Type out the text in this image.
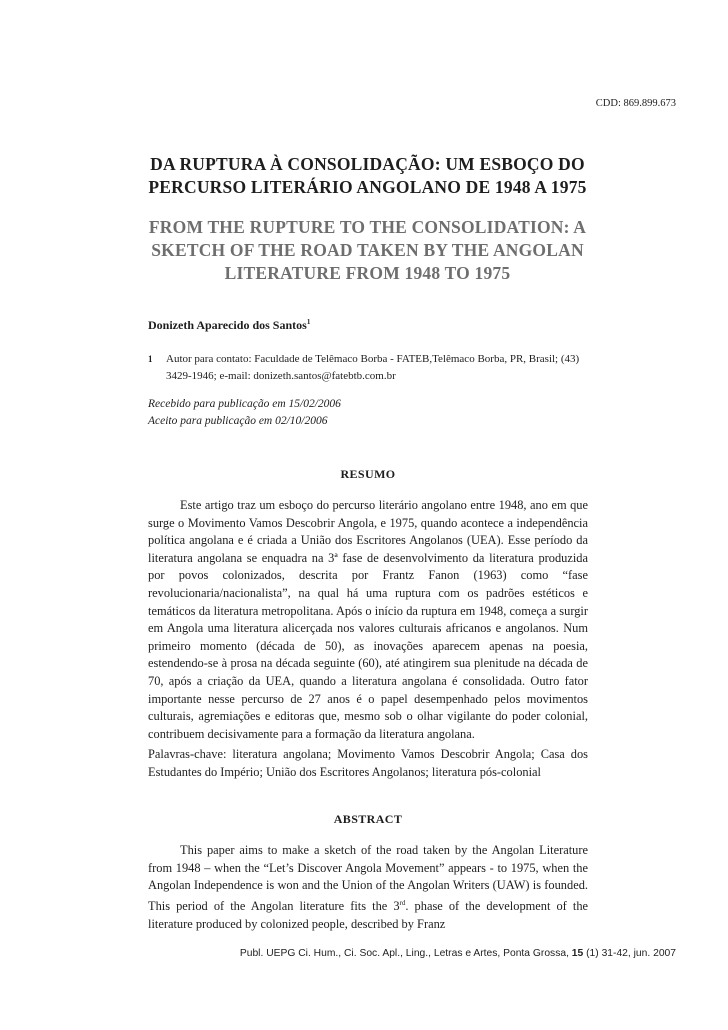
CDD: 869.899.673
DA RUPTURA À CONSOLIDAÇÃO: UM ESBOÇO DO PERCURSO LITERÁRIO ANGOLANO DE 1948 A 1975
FROM THE RUPTURE TO THE CONSOLIDATION: A SKETCH OF THE ROAD TAKEN BY THE ANGOLAN LITERATURE FROM 1948 TO 1975
Donizeth Aparecido dos Santos$^1$
1	Autor para contato: Faculdade de Telêmaco Borba - FATEB,Telêmaco Borba, PR, Brasil; (43) 3429-1946; e-mail: donizeth.santos@fatebtb.com.br
Recebido para publicação em 15/02/2006
Aceito para publicação em 02/10/2006
RESUMO
Este artigo traz um esboço do percurso literário angolano entre 1948, ano em que surge o Movimento Vamos Descobrir Angola, e 1975, quando acontece a independência política angolana e é criada a União dos Escritores Angolanos (UEA). Esse período da literatura angolana se enquadra na 3ª fase de desenvolvimento da literatura produzida por povos colonizados, descrita por Frantz Fanon (1963) como “fase revolucionaria/nacionalista”, na qual há uma ruptura com os padrões estéticos e temáticos da literatura metropolitana. Após o início da ruptura em 1948, começa a surgir em Angola uma literatura alicerçada nos valores culturais africanos e angolanos. Num primeiro momento (década de 50), as inovações aparecem apenas na poesia, estendendo-se à prosa na década seguinte (60), até atingirem sua plenitude na década de 70, após a criação da UEA, quando a literatura angolana é consolidada. Outro fator importante nesse percurso de 27 anos é o papel desempenhado pelos movimentos culturais, agremiações e editoras que, mesmo sob o olhar vigilante do poder colonial, contribuem decisivamente para a formação da literatura angolana.
Palavras-chave: literatura angolana; Movimento Vamos Descobrir Angola; Casa dos Estudantes do Império; União dos Escritores Angolanos; literatura pós-colonial
ABSTRACT
This paper aims to make a sketch of the road taken by the Angolan Literature from 1948 – when the “Let’s Discover Angola Movement” appears - to 1975, when the Angolan Independence is won and the Union of the Angolan Writers (UAW) is founded. This period of the Angolan literature fits the 3rd. phase of the development of the literature produced by colonized people, described by Franz
Publ. UEPG Ci. Hum., Ci. Soc. Apl., Ling., Letras e Artes, Ponta Grossa, 15 (1) 31-42, jun. 2007
